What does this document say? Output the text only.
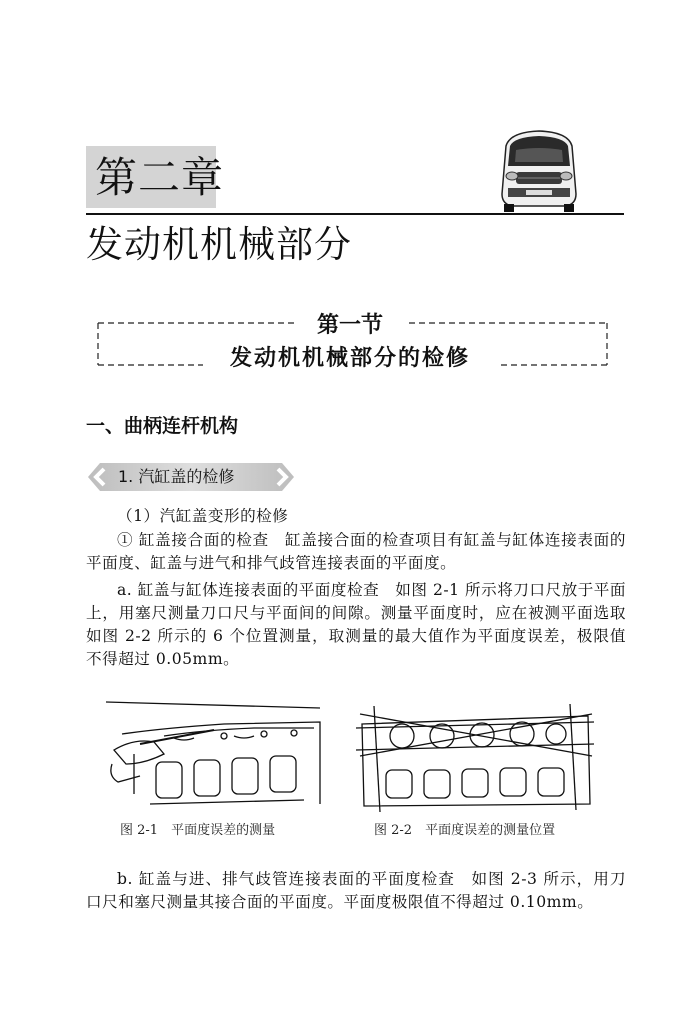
第二章
发动机机械部分
第一节
发动机机械部分的检修
一、曲柄连杆机构
1. 汽缸盖的检修

（1）汽缸盖变形的检修

① 缸盖接合面的检查　缸盖接合面的检查项目有缸盖与缸体连接表面的平面度、缸盖与进气和排气歧管连接表面的平面度。

a. 缸盖与缸体连接表面的平面度检查　如图 2-1 所示将刀口尺放于平面上，用塞尺测量刀口尺与平面间的间隙。测量平面度时，应在被测平面选取如图 2-2 所示的 6 个位置测量，取测量的最大值作为平面度误差，极限值不得超过 0.05mm。

图 2-1　平面度误差的测量	图 2-2　平面度误差的测量位置

b. 缸盖与进、排气歧管连接表面的平面度检查　如图 2-3 所示，用刀口尺和塞尺测量其接合面的平面度。平面度极限值不得超过 0.10mm。
